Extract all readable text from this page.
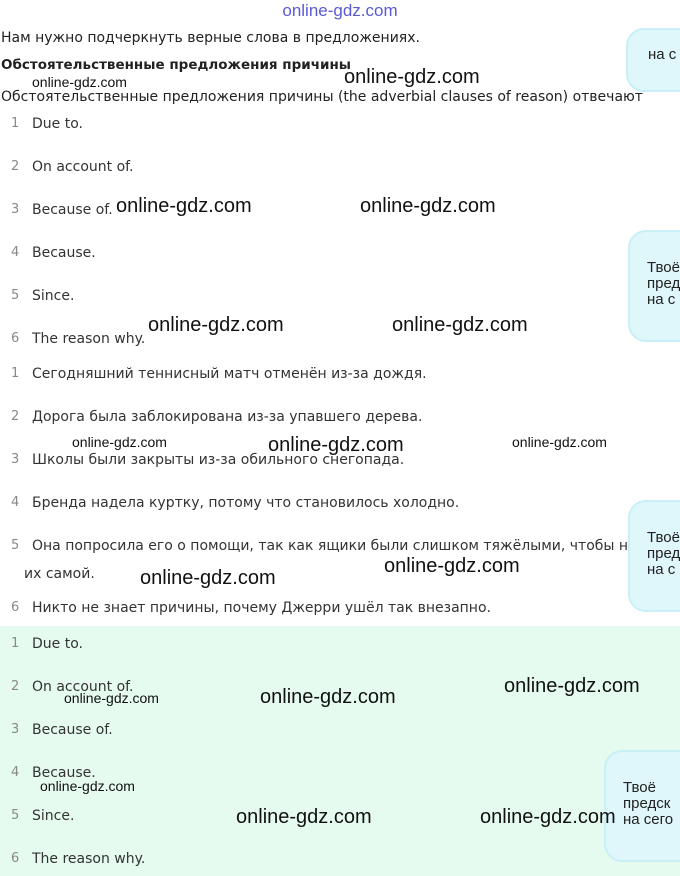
online-gdz.com
Нам нужно подчеркнуть верные слова в предложениях.
Обстоятельственные предложения причины
Обстоятельственные предложения причины (the adverbial clauses of reason) отвечают
1 Due to.
2 On account of.
3 Because of.
4 Because.
5 Since.
6 The reason why.
1 Сегодняшний теннисный матч отменён из-за дождя.
2 Дорога была заблокирована из-за упавшего дерева.
3 Школы были закрыты из-за обильного снегопада.
4 Бренда надела куртку, потому что становилось холодно.
5 Она попросила его о помощи, так как ящики были слишком тяжёлыми, чтобы н
их самой.
6 Никто не знает причины, почему Джерри ушёл так внезапно.
1 Due to.
2 On account of.
3 Because of.
4 Because.
5 Since.
6 The reason why.
на с
Твоё
пред
на с
Твоё
пред
на с
Твоё
предск
на сего
online-gdz.com	online-gdz.com
online-gdz.com	online-gdz.com
online-gdz.com	online-gdz.com
online-gdz.com	online-gdz.com	online-gdz.com
online-gdz.com
online-gdz.com
online-gdz.com	online-gdz.com	online-gdz.com
online-gdz.com
online-gdz.com	online-gdz.com
